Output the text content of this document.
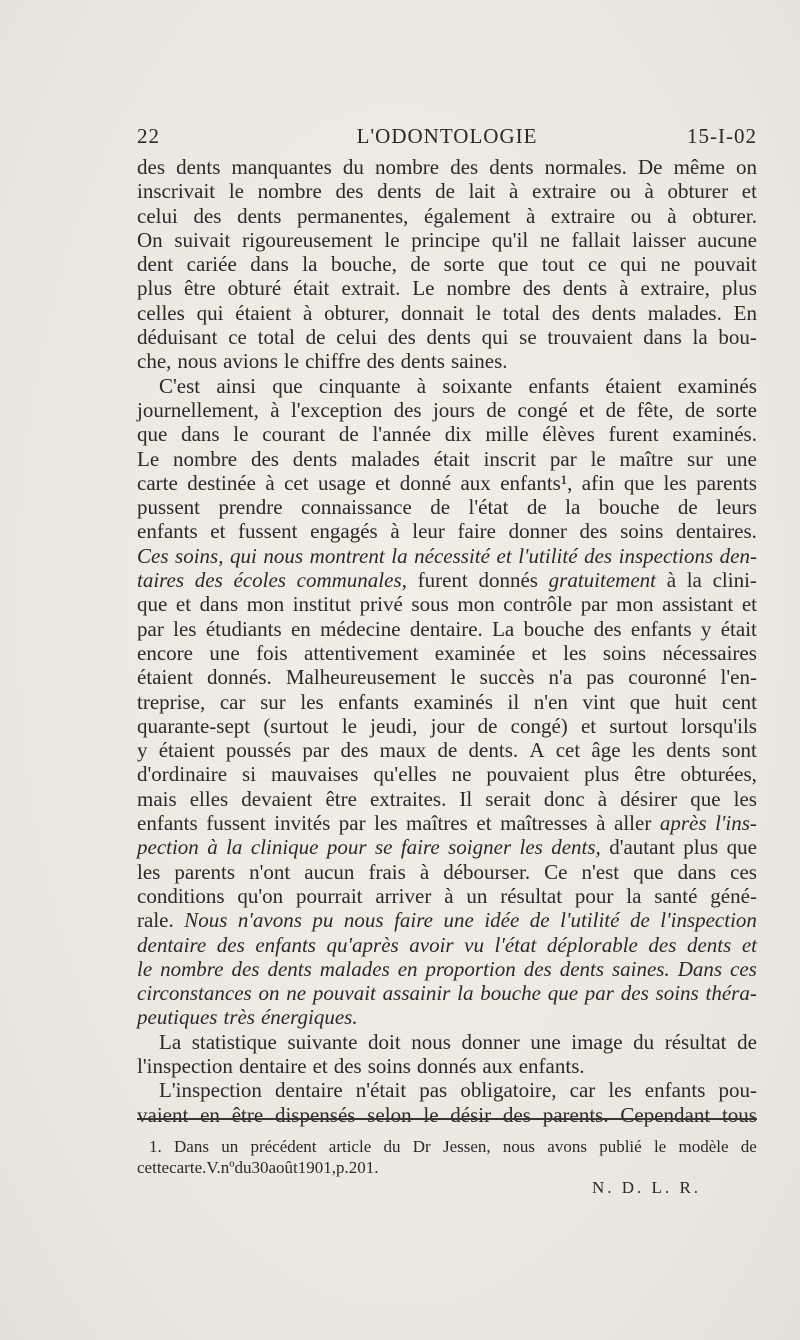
22	L'ODONTOLOGIE	15-I-02
des dents manquantes du nombre des dents normales. De même on
inscrivait le nombre des dents de lait à extraire ou à obturer et
celui des dents permanentes, également à extraire ou à obturer.
On suivait rigoureusement le principe qu'il ne fallait laisser aucune
dent cariée dans la bouche, de sorte que tout ce qui ne pouvait
plus être obturé était extrait. Le nombre des dents à extraire, plus
celles qui étaient à obturer, donnait le total des dents malades. En
déduisant ce total de celui des dents qui se trouvaient dans la bou-
che, nous avions le chiffre des dents saines.
C'est ainsi que cinquante à soixante enfants étaient examinés
journellement, à l'exception des jours de congé et de fête, de sorte
que dans le courant de l'année dix mille élèves furent examinés.
Le nombre des dents malades était inscrit par le maître sur une
carte destinée à cet usage et donné aux enfants¹, afin que les parents
pussent prendre connaissance de l'état de la bouche de leurs
enfants et fussent engagés à leur faire donner des soins dentaires.
Ces soins, qui nous montrent la nécessité et l'utilité des inspections den-
taires des écoles communales, furent donnés gratuitement à la clini-
que et dans mon institut privé sous mon contrôle par mon assistant et
par les étudiants en médecine dentaire. La bouche des enfants y était
encore une fois attentivement examinée et les soins nécessaires
étaient donnés. Malheureusement le succès n'a pas couronné l'en-
treprise, car sur les enfants examinés il n'en vint que huit cent
quarante-sept (surtout le jeudi, jour de congé) et surtout lorsqu'ils
y étaient poussés par des maux de dents. A cet âge les dents sont
d'ordinaire si mauvaises qu'elles ne pouvaient plus être obturées,
mais elles devaient être extraites. Il serait donc à désirer que les
enfants fussent invités par les maîtres et maîtresses à aller après l'ins-
pection à la clinique pour se faire soigner les dents, d'autant plus que
les parents n'ont aucun frais à débourser. Ce n'est que dans ces
conditions qu'on pourrait arriver à un résultat pour la santé géné-
rale. Nous n'avons pu nous faire une idée de l'utilité de l'inspection
dentaire des enfants qu'après avoir vu l'état déplorable des dents et
le nombre des dents malades en proportion des dents saines. Dans ces
circonstances on ne pouvait assainir la bouche que par des soins théra-
peutiques très énergiques.
La statistique suivante doit nous donner une image du résultat de
l'inspection dentaire et des soins donnés aux enfants.
L'inspection dentaire n'était pas obligatoire, car les enfants pou-
vaient en être dispensés selon le désir des parents. Cependant tous
1. Dans un précédent article du Dr Jessen, nous avons publié le modèle de
cette carte. V. nº du 30 août 1901, p. 201.
N. D. L. R.
